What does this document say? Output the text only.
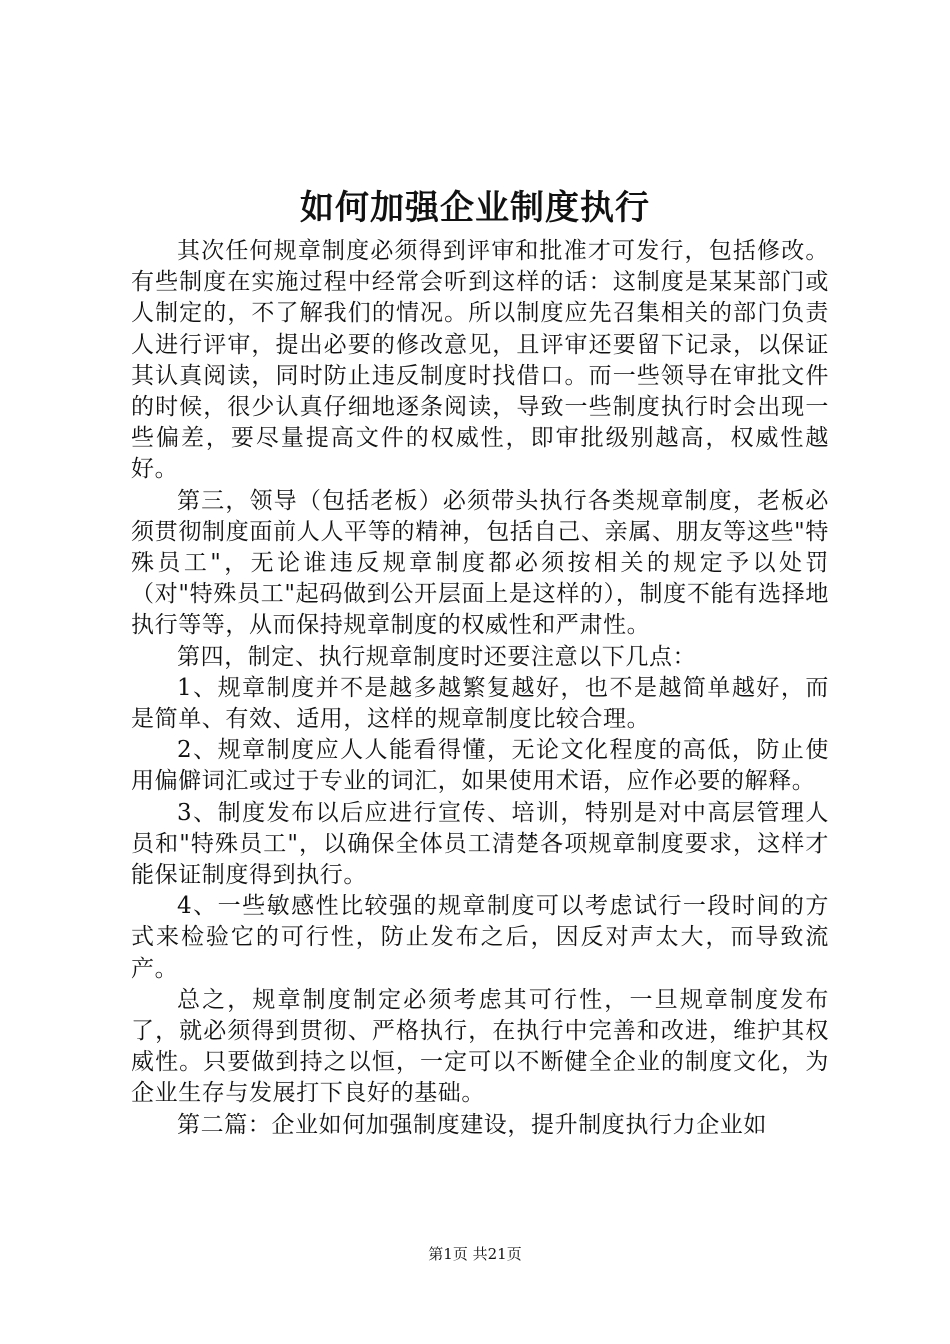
如何加强企业制度执行

其次任何规章制度必须得到评审和批准才可发行，包括修改。有些制度在实施过程中经常会听到这样的话：这制度是某某部门或人制定的，不了解我们的情况。所以制度应先召集相关的部门负责人进行评审，提出必要的修改意见，且评审还要留下记录，以保证其认真阅读，同时防止违反制度时找借口。而一些领导在审批文件的时候，很少认真仔细地逐条阅读，导致一些制度执行时会出现一些偏差，要尽量提高文件的权威性，即审批级别越高，权威性越好。

第三，领导（包括老板）必须带头执行各类规章制度，老板必须贯彻制度面前人人平等的精神，包括自己、亲属、朋友等这些"特殊员工"，无论谁违反规章制度都必须按相关的规定予以处罚（对"特殊员工"起码做到公开层面上是这样的），制度不能有选择地执行等等，从而保持规章制度的权威性和严肃性。

第四，制定、执行规章制度时还要注意以下几点：

1、规章制度并不是越多越繁复越好，也不是越简单越好，而是简单、有效、适用，这样的规章制度比较合理。

2、规章制度应人人能看得懂，无论文化程度的高低，防止使用偏僻词汇或过于专业的词汇，如果使用术语，应作必要的解释。

3、制度发布以后应进行宣传、培训，特别是对中高层管理人员和"特殊员工"，以确保全体员工清楚各项规章制度要求，这样才能保证制度得到执行。

4、一些敏感性比较强的规章制度可以考虑试行一段时间的方式来检验它的可行性，防止发布之后，因反对声太大，而导致流产。

总之，规章制度制定必须考虑其可行性，一旦规章制度发布了，就必须得到贯彻、严格执行，在执行中完善和改进，维护其权威性。只要做到持之以恒，一定可以不断健全企业的制度文化，为企业生存与发展打下良好的基础。

第二篇：企业如何加强制度建设，提升制度执行力企业如

第1页 共21页
